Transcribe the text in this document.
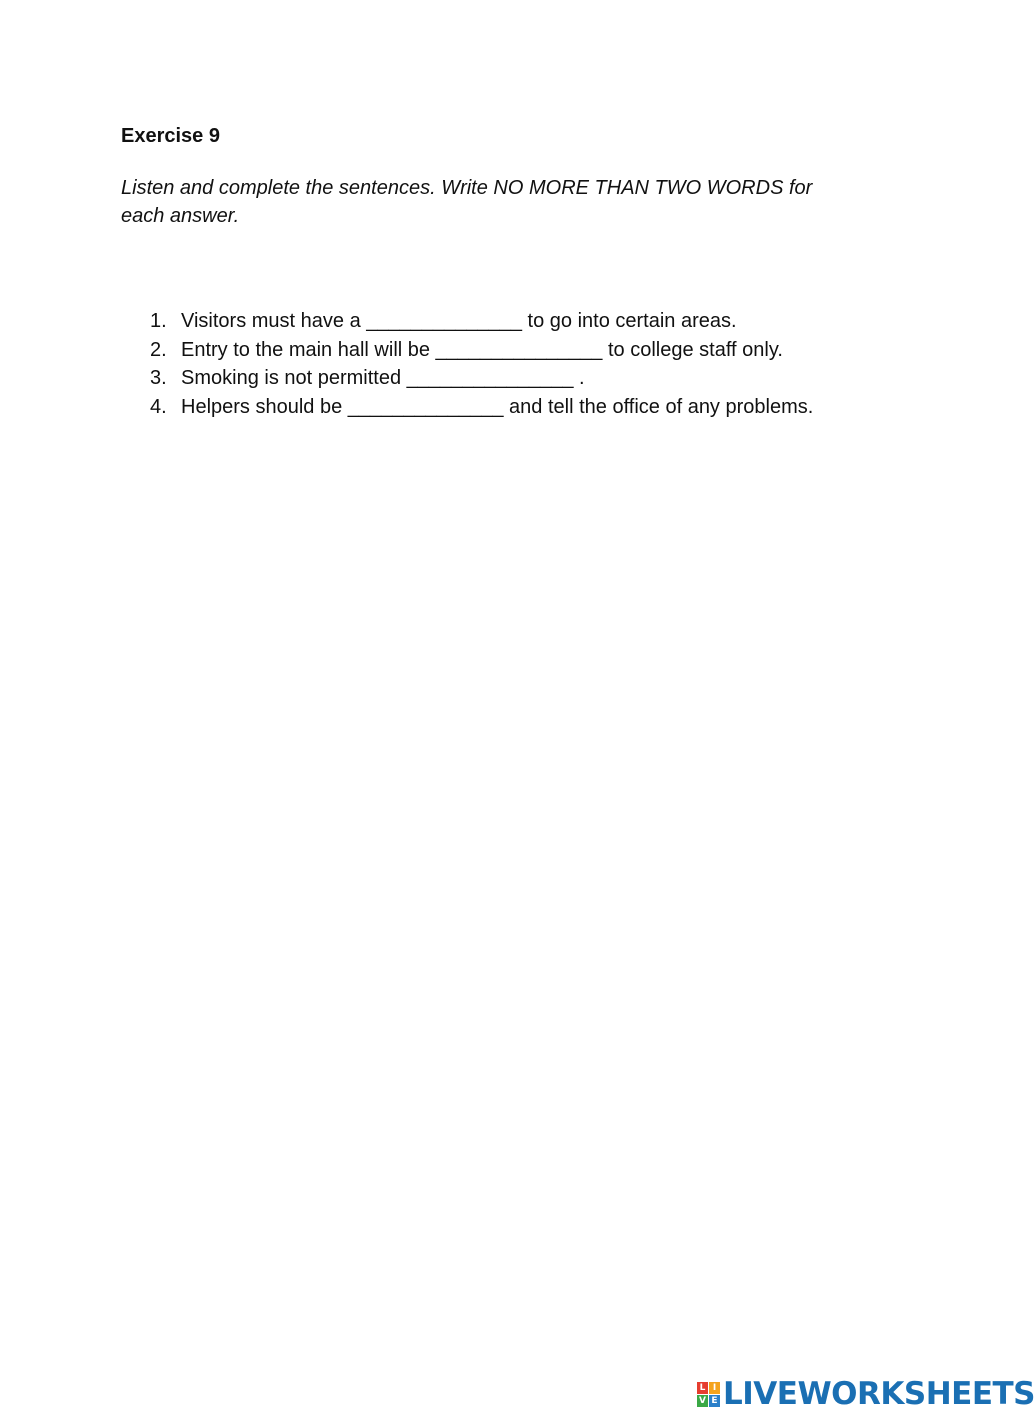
Exercise 9
Listen and complete the sentences. Write NO MORE THAN TWO WORDS for each answer.
1. Visitors must have a ______________ to go into certain areas.
2. Entry to the main hall will be _______________ to college staff only.
3. Smoking is not permitted _______________ .
4. Helpers should be ______________ and tell the office of any problems.
L I
V E LIVEWORKSHEETS
